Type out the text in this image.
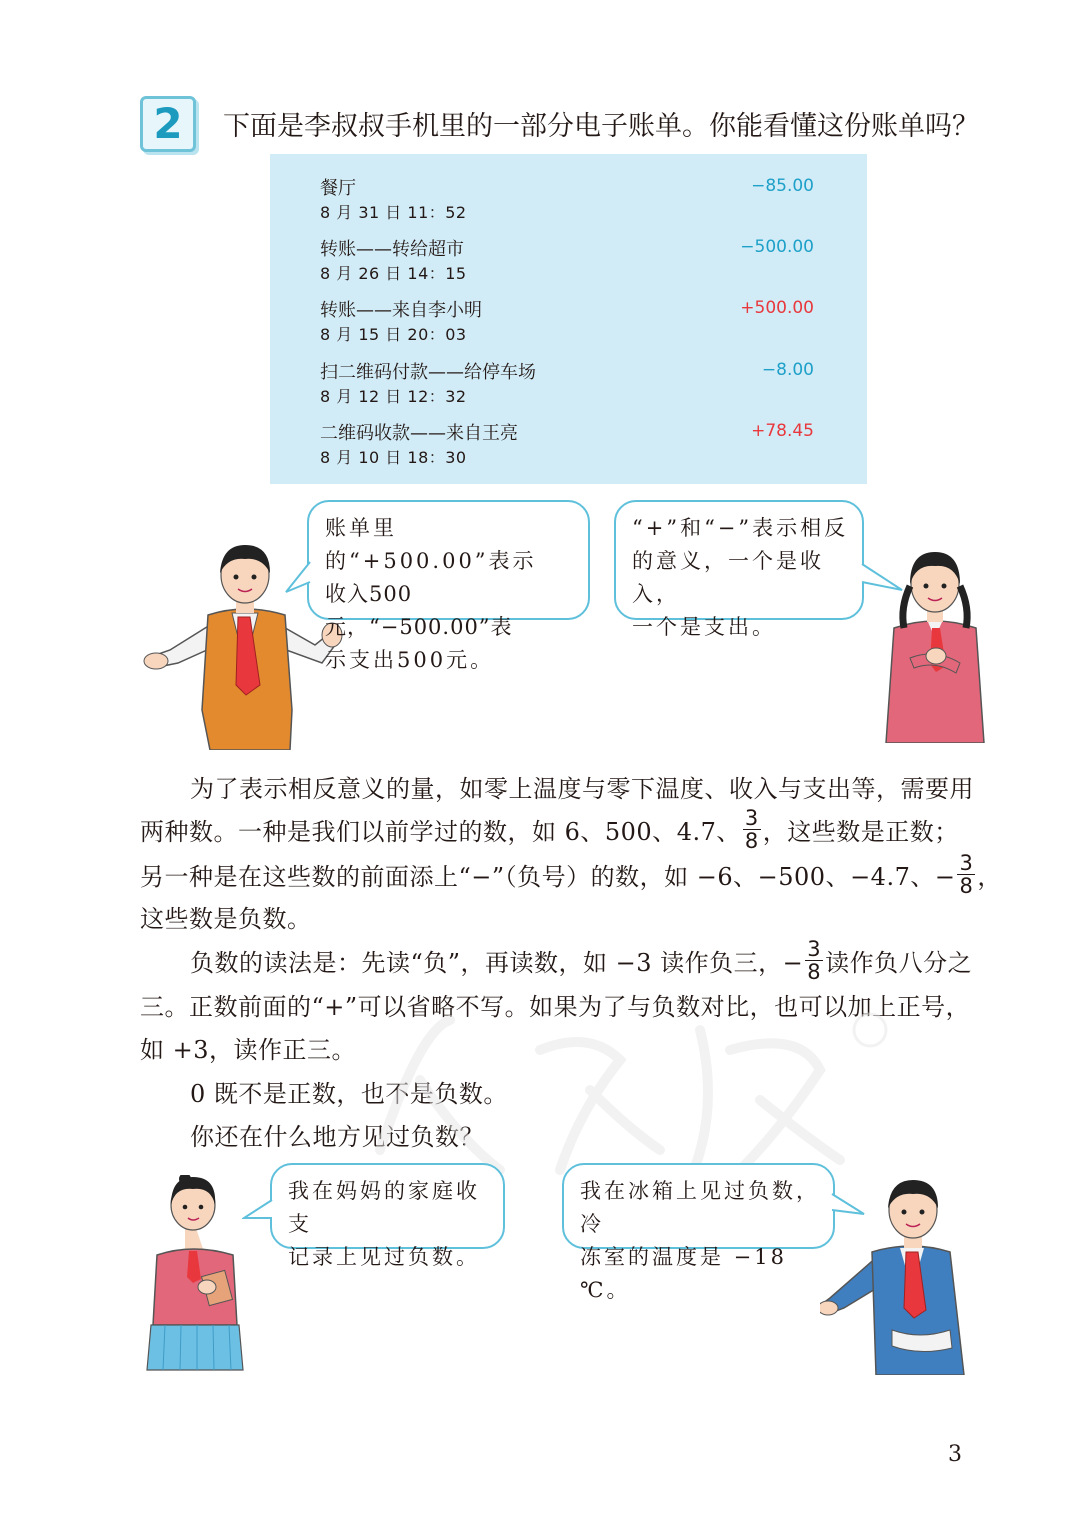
2	下面是李叔叔手机里的一部分电子账单。你能看懂这份账单吗？
餐厅
8 月 31 日 11：52
−85.00
转账——转给超市
8 月 26 日 14：15
−500.00
转账——来自李小明
8 月 15 日 20：03
+500.00
扫二维码付款——给停车场
8 月 12 日 12：32
−8.00
二维码收款——来自王亮
8 月 10 日 18：30
+78.45
账单里的“+500.00”表示
收入500元，“−500.00”表
示支出500元。
“+”和“−”表示相反
的意义，一个是收入，
一个是支出。
为了表示相反意义的量，如零上温度与零下温度、收入与支出等，需要用
两种数。一种是我们以前学过的数，如 6、500、4.7、 $\frac{3}{8}$ ，这些数是正数；
另一种是在这些数的前面添上“−”（负号）的数，如 −6、−500、−4.7、− $\frac{3}{8}$ ，
这些数是负数。
负数的读法是：先读“负”，再读数，如 −3 读作负三，− $\frac{3}{8}$ 读作负八分之
三。正数前面的“+”可以省略不写。如果为了与负数对比，也可以加上正号，
如 +3，读作正三。
0 既不是正数，也不是负数。
你还在什么地方见过负数？
我在妈妈的家庭收支
记录上见过负数。
我在冰箱上见过负数，冷
冻室的温度是 −18 ℃。
3
